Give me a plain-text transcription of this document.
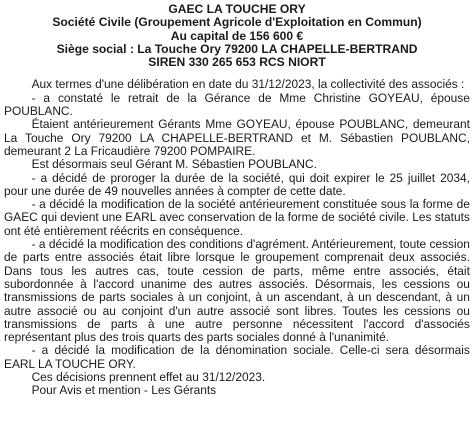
GAEC LA TOUCHE ORY
Société Civile (Groupement Agricole d'Exploitation en Commun)
Au capital de 156 600 €
Siège social : La Touche Ory 79200 LA CHAPELLE-BERTRAND
SIREN 330 265 653 RCS NIORT

Aux termes d'une délibération en date du 31/12/2023, la collectivité des associés :

- a constaté le retrait de la Gérance de Mme Christine GOYEAU, épouse POUBLANC.

Étaient antérieurement Gérants Mme GOYEAU, épouse POUBLANC, demeurant La Touche Ory 79200 LA CHAPELLE-BERTRAND et M. Sébastien POUBLANC, demeurant 2 La Fricaudière 79200 POMPAIRE.

Est désormais seul Gérant M. Sébastien POUBLANC.

- a décidé de proroger la durée de la société, qui doit expirer le 25 juillet 2034, pour une durée de 49 nouvelles années à compter de cette date.

- a décidé la modification de la société antérieurement constituée sous la forme de GAEC qui devient une EARL avec conservation de la forme de société civile. Les statuts ont été entièrement réécrits en conséquence.

- a décidé la modification des conditions d'agrément. Antérieurement, toute cession de parts entre associés était libre lorsque le groupement comprenait deux associés. Dans tous les autres cas, toute cession de parts, même entre associés, était subordonnée à l'accord unanime des autres associés. Désormais, les cessions ou transmissions de parts sociales à un conjoint, à un ascendant, à un descendant, à un autre associé ou au conjoint d'un autre associé sont libres. Toutes les cessions ou transmissions de parts à une autre personne nécessitent l'accord d'associés représentant plus des trois quarts des parts sociales donné à l'unanimité.

- a décidé la modification de la dénomination sociale. Celle-ci sera désormais EARL LA TOUCHE ORY.

Ces décisions prennent effet au 31/12/2023.

Pour Avis et mention - Les Gérants
